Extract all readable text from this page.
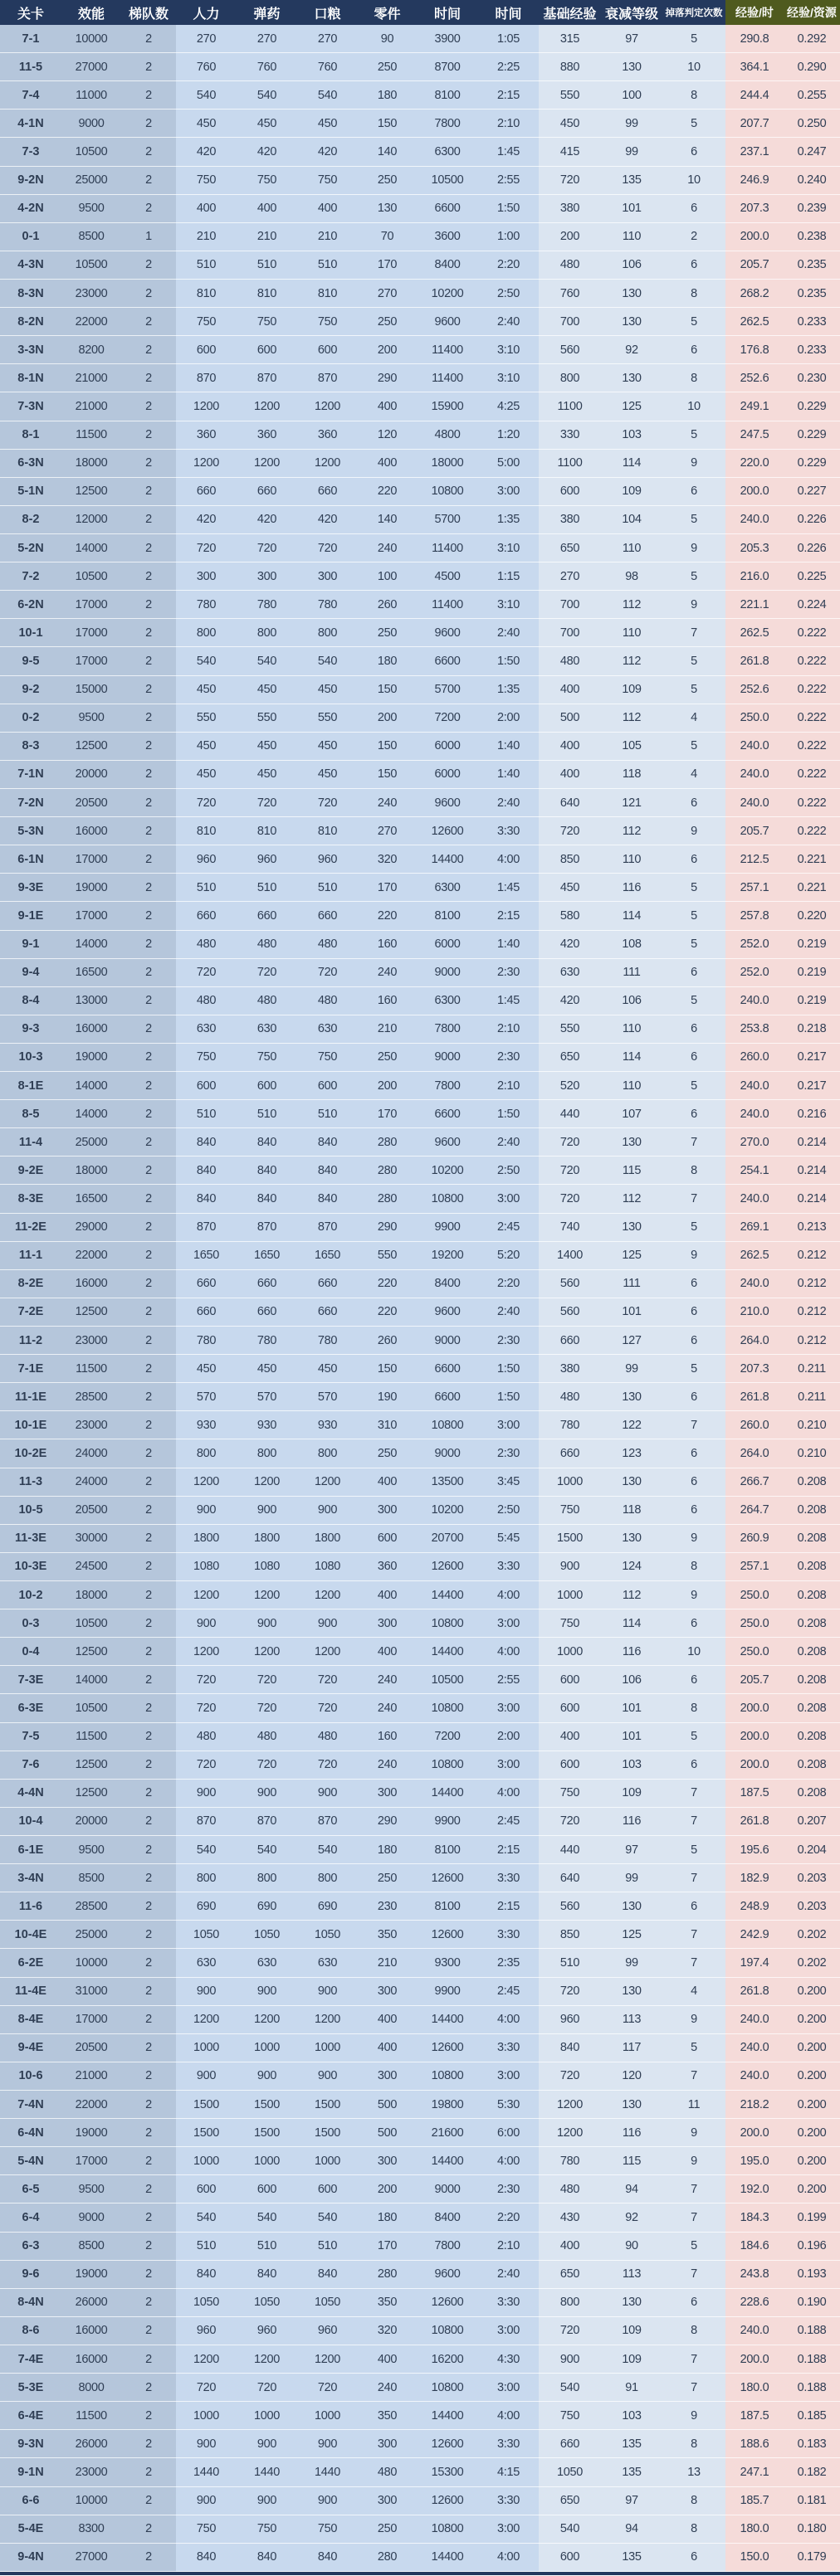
关卡	效能	梯队数	人力	弹药	口粮	零件	时间	时间	基础经验	衰减等级	掉落判定次数	经验/时	经验/资源
7-1	10000	2	270	270	270	90	3900	1:05	315	97	5	290.8	0.292
11-5	27000	2	760	760	760	250	8700	2:25	880	130	10	364.1	0.290
7-4	11000	2	540	540	540	180	8100	2:15	550	100	8	244.4	0.255
4-1N	9000	2	450	450	450	150	7800	2:10	450	99	5	207.7	0.250
7-3	10500	2	420	420	420	140	6300	1:45	415	99	6	237.1	0.247
9-2N	25000	2	750	750	750	250	10500	2:55	720	135	10	246.9	0.240
4-2N	9500	2	400	400	400	130	6600	1:50	380	101	6	207.3	0.239
0-1	8500	1	210	210	210	70	3600	1:00	200	110	2	200.0	0.238
4-3N	10500	2	510	510	510	170	8400	2:20	480	106	6	205.7	0.235
8-3N	23000	2	810	810	810	270	10200	2:50	760	130	8	268.2	0.235
8-2N	22000	2	750	750	750	250	9600	2:40	700	130	5	262.5	0.233
3-3N	8200	2	600	600	600	200	11400	3:10	560	92	6	176.8	0.233
8-1N	21000	2	870	870	870	290	11400	3:10	800	130	8	252.6	0.230
7-3N	21000	2	1200	1200	1200	400	15900	4:25	1100	125	10	249.1	0.229
8-1	11500	2	360	360	360	120	4800	1:20	330	103	5	247.5	0.229
6-3N	18000	2	1200	1200	1200	400	18000	5:00	1100	114	9	220.0	0.229
5-1N	12500	2	660	660	660	220	10800	3:00	600	109	6	200.0	0.227
8-2	12000	2	420	420	420	140	5700	1:35	380	104	5	240.0	0.226
5-2N	14000	2	720	720	720	240	11400	3:10	650	110	9	205.3	0.226
7-2	10500	2	300	300	300	100	4500	1:15	270	98	5	216.0	0.225
6-2N	17000	2	780	780	780	260	11400	3:10	700	112	9	221.1	0.224
10-1	17000	2	800	800	800	250	9600	2:40	700	110	7	262.5	0.222
9-5	17000	2	540	540	540	180	6600	1:50	480	112	5	261.8	0.222
9-2	15000	2	450	450	450	150	5700	1:35	400	109	5	252.6	0.222
0-2	9500	2	550	550	550	200	7200	2:00	500	112	4	250.0	0.222
8-3	12500	2	450	450	450	150	6000	1:40	400	105	5	240.0	0.222
7-1N	20000	2	450	450	450	150	6000	1:40	400	118	4	240.0	0.222
7-2N	20500	2	720	720	720	240	9600	2:40	640	121	6	240.0	0.222
5-3N	16000	2	810	810	810	270	12600	3:30	720	112	9	205.7	0.222
6-1N	17000	2	960	960	960	320	14400	4:00	850	110	6	212.5	0.221
9-3E	19000	2	510	510	510	170	6300	1:45	450	116	5	257.1	0.221
9-1E	17000	2	660	660	660	220	8100	2:15	580	114	5	257.8	0.220
9-1	14000	2	480	480	480	160	6000	1:40	420	108	5	252.0	0.219
9-4	16500	2	720	720	720	240	9000	2:30	630	111	6	252.0	0.219
8-4	13000	2	480	480	480	160	6300	1:45	420	106	5	240.0	0.219
9-3	16000	2	630	630	630	210	7800	2:10	550	110	6	253.8	0.218
10-3	19000	2	750	750	750	250	9000	2:30	650	114	6	260.0	0.217
8-1E	14000	2	600	600	600	200	7800	2:10	520	110	5	240.0	0.217
8-5	14000	2	510	510	510	170	6600	1:50	440	107	6	240.0	0.216
11-4	25000	2	840	840	840	280	9600	2:40	720	130	7	270.0	0.214
9-2E	18000	2	840	840	840	280	10200	2:50	720	115	8	254.1	0.214
8-3E	16500	2	840	840	840	280	10800	3:00	720	112	7	240.0	0.214
11-2E	29000	2	870	870	870	290	9900	2:45	740	130	5	269.1	0.213
11-1	22000	2	1650	1650	1650	550	19200	5:20	1400	125	9	262.5	0.212
8-2E	16000	2	660	660	660	220	8400	2:20	560	111	6	240.0	0.212
7-2E	12500	2	660	660	660	220	9600	2:40	560	101	6	210.0	0.212
11-2	23000	2	780	780	780	260	9000	2:30	660	127	6	264.0	0.212
7-1E	11500	2	450	450	450	150	6600	1:50	380	99	5	207.3	0.211
11-1E	28500	2	570	570	570	190	6600	1:50	480	130	6	261.8	0.211
10-1E	23000	2	930	930	930	310	10800	3:00	780	122	7	260.0	0.210
10-2E	24000	2	800	800	800	250	9000	2:30	660	123	6	264.0	0.210
11-3	24000	2	1200	1200	1200	400	13500	3:45	1000	130	6	266.7	0.208
10-5	20500	2	900	900	900	300	10200	2:50	750	118	6	264.7	0.208
11-3E	30000	2	1800	1800	1800	600	20700	5:45	1500	130	9	260.9	0.208
10-3E	24500	2	1080	1080	1080	360	12600	3:30	900	124	8	257.1	0.208
10-2	18000	2	1200	1200	1200	400	14400	4:00	1000	112	9	250.0	0.208
0-3	10500	2	900	900	900	300	10800	3:00	750	114	6	250.0	0.208
0-4	12500	2	1200	1200	1200	400	14400	4:00	1000	116	10	250.0	0.208
7-3E	14000	2	720	720	720	240	10500	2:55	600	106	6	205.7	0.208
6-3E	10500	2	720	720	720	240	10800	3:00	600	101	8	200.0	0.208
7-5	11500	2	480	480	480	160	7200	2:00	400	101	5	200.0	0.208
7-6	12500	2	720	720	720	240	10800	3:00	600	103	6	200.0	0.208
4-4N	12500	2	900	900	900	300	14400	4:00	750	109	7	187.5	0.208
10-4	20000	2	870	870	870	290	9900	2:45	720	116	7	261.8	0.207
6-1E	9500	2	540	540	540	180	8100	2:15	440	97	5	195.6	0.204
3-4N	8500	2	800	800	800	250	12600	3:30	640	99	7	182.9	0.203
11-6	28500	2	690	690	690	230	8100	2:15	560	130	6	248.9	0.203
10-4E	25000	2	1050	1050	1050	350	12600	3:30	850	125	7	242.9	0.202
6-2E	10000	2	630	630	630	210	9300	2:35	510	99	7	197.4	0.202
11-4E	31000	2	900	900	900	300	9900	2:45	720	130	4	261.8	0.200
8-4E	17000	2	1200	1200	1200	400	14400	4:00	960	113	9	240.0	0.200
9-4E	20500	2	1000	1000	1000	400	12600	3:30	840	117	5	240.0	0.200
10-6	21000	2	900	900	900	300	10800	3:00	720	120	7	240.0	0.200
7-4N	22000	2	1500	1500	1500	500	19800	5:30	1200	130	11	218.2	0.200
6-4N	19000	2	1500	1500	1500	500	21600	6:00	1200	116	9	200.0	0.200
5-4N	17000	2	1000	1000	1000	300	14400	4:00	780	115	9	195.0	0.200
6-5	9500	2	600	600	600	200	9000	2:30	480	94	7	192.0	0.200
6-4	9000	2	540	540	540	180	8400	2:20	430	92	7	184.3	0.199
6-3	8500	2	510	510	510	170	7800	2:10	400	90	5	184.6	0.196
9-6	19000	2	840	840	840	280	9600	2:40	650	113	7	243.8	0.193
8-4N	26000	2	1050	1050	1050	350	12600	3:30	800	130	6	228.6	0.190
8-6	16000	2	960	960	960	320	10800	3:00	720	109	8	240.0	0.188
7-4E	16000	2	1200	1200	1200	400	16200	4:30	900	109	7	200.0	0.188
5-3E	8000	2	720	720	720	240	10800	3:00	540	91	7	180.0	0.188
6-4E	11500	2	1000	1000	1000	350	14400	4:00	750	103	9	187.5	0.185
9-3N	26000	2	900	900	900	300	12600	3:30	660	135	8	188.6	0.183
9-1N	23000	2	1440	1440	1440	480	15300	4:15	1050	135	13	247.1	0.182
6-6	10000	2	900	900	900	300	12600	3:30	650	97	8	185.7	0.181
5-4E	8300	2	750	750	750	250	10800	3:00	540	94	8	180.0	0.180
9-4N	27000	2	840	840	840	280	14400	4:00	600	135	6	150.0	0.179
